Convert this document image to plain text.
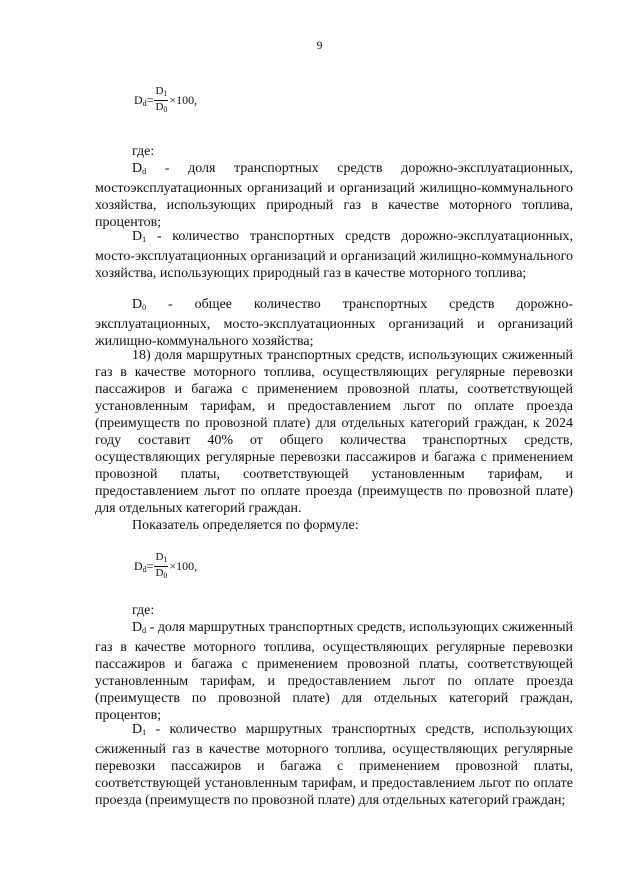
9
$D_d = \frac{D_1}{D_0} \times 100$,
где:

$D_d$ - доля транспортных средств дорожно-эксплуатационных, мостоэксплуатационных организаций и организаций жилищно-коммунального хозяйства, использующих природный газ в качестве моторного топлива, процентов;

$D_1$ - количество транспортных средств дорожно-эксплуатационных, мосто-эксплуатационных организаций и организаций жилищно-коммунального хозяйства, использующих природный газ в качестве моторного топлива;

$D_0$ - общее количество транспортных средств дорожно-эксплуатационных, мосто-эксплуатационных организаций и организаций жилищно-коммунального хозяйства;

18) доля маршрутных транспортных средств, использующих сжиженный газ в качестве моторного топлива, осуществляющих регулярные перевозки пассажиров и багажа с применением провозной платы, соответствующей установленным тарифам, и предоставлением льгот по оплате проезда (преимуществ по провозной плате) для отдельных категорий граждан, к 2024 году составит 40% от общего количества транспортных средств, осуществляющих регулярные перевозки пассажиров и багажа с применением провозной платы, соответствующей установленным тарифам, и предоставлением льгот по оплате проезда (преимуществ по провозной плате) для отдельных категорий граждан.

Показатель определяется по формуле:

$D_d = \frac{D_1}{D_0} \times 100$,
где:

$D_d$ - доля маршрутных транспортных средств, использующих сжиженный газ в качестве моторного топлива, осуществляющих регулярные перевозки пассажиров и багажа с применением провозной платы, соответствующей установленным тарифам, и предоставлением льгот по оплате проезда (преимуществ по провозной плате) для отдельных категорий граждан, процентов;

$D_1$ - количество маршрутных транспортных средств, использующих сжиженный газ в качестве моторного топлива, осуществляющих регулярные перевозки пассажиров и багажа с применением провозной платы, соответствующей установленным тарифам, и предоставлением льгот по оплате проезда (преимуществ по провозной плате) для отдельных категорий граждан;
